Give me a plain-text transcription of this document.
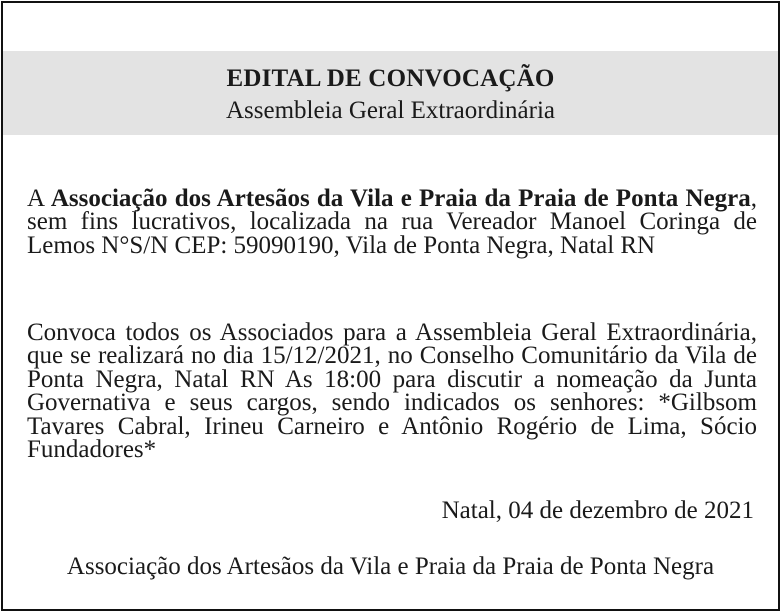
EDITAL DE CONVOCAÇÃO
Assembleia Geral Extraordinária

A Associação dos Artesãos da Vila e Praia da Praia de Ponta Negra, sem fins lucrativos, localizada na rua Vereador Manoel Coringa de Lemos N°S/N CEP: 59090190, Vila de Ponta Negra, Natal RN

Convoca todos os Associados para a Assembleia Geral Extraordinária, que se realizará no dia 15/12/2021, no Conselho Comunitário da Vila de Ponta Negra, Natal RN As 18:00 para discutir a nomeação da Junta Governativa e seus cargos, sendo indicados os senhores: *Gilbsom Tavares Cabral, Irineu Carneiro e Antônio Rogério de Lima, Sócio Fundadores*

Natal, 04 de dezembro de 2021
Associação dos Artesãos da Vila e Praia da Praia de Ponta Negra
